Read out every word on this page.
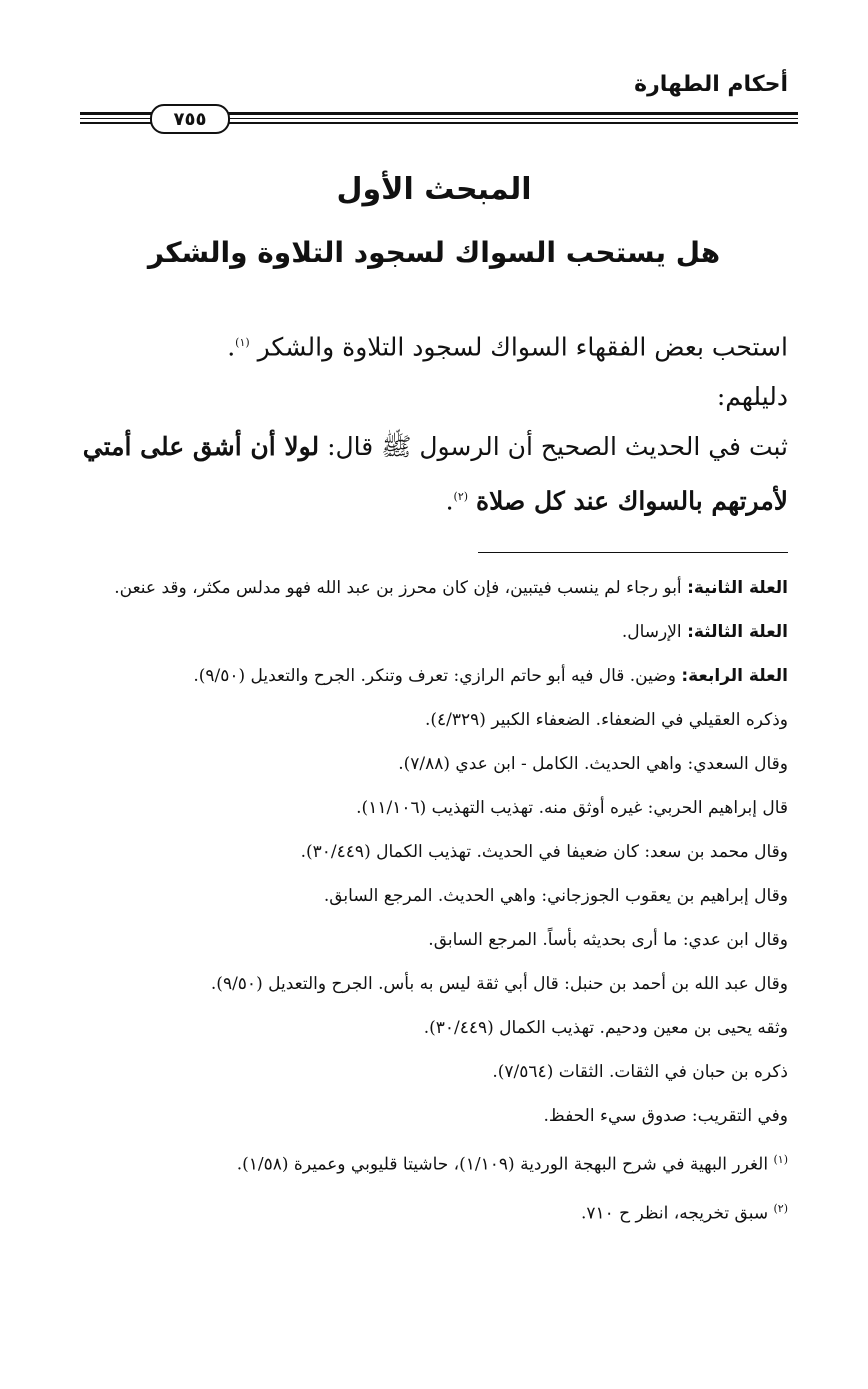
أحكام الطهارة
٧٥٥
المبحث الأول
هل يستحب السواك لسجود التلاوة والشكر

استحب بعض الفقهاء السواك لسجود التلاوة والشكر $^{(١)}$.

دليلهم:

ثبت في الحديث الصحيح أن الرسول ﷺ قال: لولا أن أشق على أمتي لأمرتهم بالسواك عند كل صلاة $^{(٢)}$.

العلة الثانية: أبو رجاء لم ينسب فيتبين، فإن كان محرز بن عبد الله فهو مدلس مكثر، وقد عنعن.

العلة الثالثة: الإرسال.

العلة الرابعة: وضين. قال فيه أبو حاتم الرازي: تعرف وتنكر. الجرح والتعديل (٩/٥٠).

وذكره العقيلي في الضعفاء. الضعفاء الكبير (٤/٣٢٩).

وقال السعدي: واهي الحديث. الكامل - ابن عدي (٧/٨٨).

قال إبراهيم الحربي: غيره أوثق منه. تهذيب التهذيب (١١/١٠٦).

وقال محمد بن سعد: كان ضعيفا في الحديث. تهذيب الكمال (٣٠/٤٤٩).

وقال إبراهيم بن يعقوب الجوزجاني: واهي الحديث. المرجع السابق.

وقال ابن عدي: ما أرى بحديثه بأساً. المرجع السابق.

وقال عبد الله بن أحمد بن حنبل: قال أبي ثقة ليس به بأس. الجرح والتعديل (٩/٥٠).

وثقه يحيى بن معين ودحيم. تهذيب الكمال (٣٠/٤٤٩).

ذكره بن حبان في الثقات. الثقات (٧/٥٦٤).

وفي التقريب: صدوق سيء الحفظ.

$^{(١)}$ الغرر البهية في شرح البهجة الوردية (١/١٠٩)، حاشيتا قليوبي وعميرة (١/٥٨).

$^{(٢)}$ سبق تخريجه، انظر ح ٧١٠.
